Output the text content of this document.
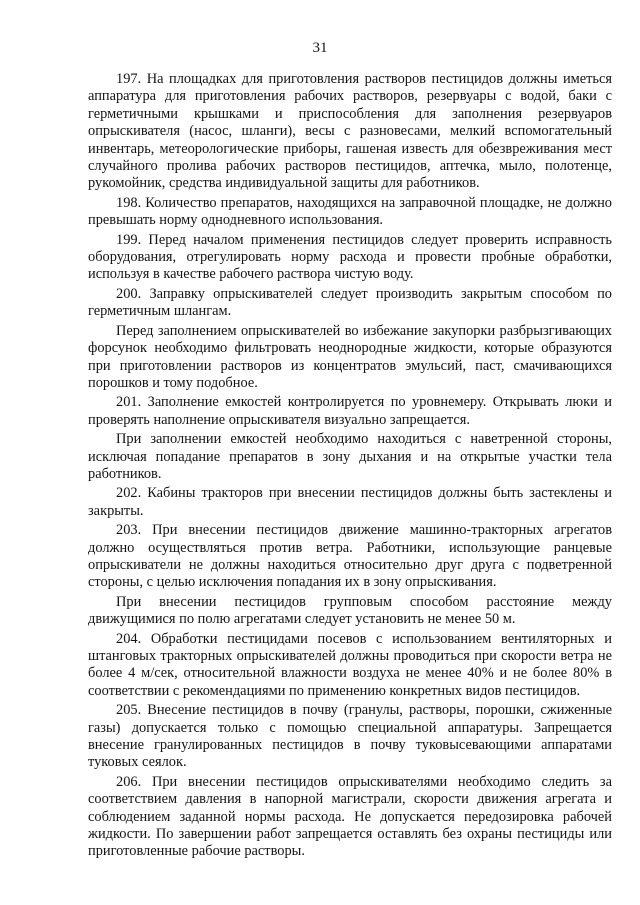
31

197. На площадках для приготовления растворов пестицидов должны иметься аппаратура для приготовления рабочих растворов, резервуары с водой, баки с герметичными крышками и приспособления для заполнения резервуаров опрыскивателя (насос, шланги), весы с разновесами, мелкий вспомогательный инвентарь, метеорологические приборы, гашеная известь для обезвреживания мест случайного пролива рабочих растворов пестицидов, аптечка, мыло, полотенце, рукомойник, средства индивидуальной защиты для работников.

198. Количество препаратов, находящихся на заправочной площадке, не должно превышать норму однодневного использования.

199. Перед началом применения пестицидов следует проверить исправность оборудования, отрегулировать норму расхода и провести пробные обработки, используя в качестве рабочего раствора чистую воду.

200. Заправку опрыскивателей следует производить закрытым способом по герметичным шлангам.

Перед заполнением опрыскивателей во избежание закупорки разбрызгивающих форсунок необходимо фильтровать неоднородные жидкости, которые образуются при приготовлении растворов из концентратов эмульсий, паст, смачивающихся порошков и тому подобное.

201. Заполнение емкостей контролируется по уровнемеру. Открывать люки и проверять наполнение опрыскивателя визуально запрещается.

При заполнении емкостей необходимо находиться с наветренной стороны, исключая попадание препаратов в зону дыхания и на открытые участки тела работников.

202. Кабины тракторов при внесении пестицидов должны быть застеклены и закрыты.

203. При внесении пестицидов движение машинно-тракторных агрегатов должно осуществляться против ветра. Работники, использующие ранцевые опрыскиватели не должны находиться относительно друг друга с подветренной стороны, с целью исключения попадания их в зону опрыскивания.

При внесении пестицидов групповым способом расстояние между движущимися по полю агрегатами следует установить не менее 50 м.

204. Обработки пестицидами посевов с использованием вентиляторных и штанговых тракторных опрыскивателей должны проводиться при скорости ветра не более 4 м/сек, относительной влажности воздуха не менее 40% и не более 80% в соответствии с рекомендациями по применению конкретных видов пестицидов.

205. Внесение пестицидов в почву (гранулы, растворы, порошки, сжиженные газы) допускается только с помощью специальной аппаратуры. Запрещается внесение гранулированных пестицидов в почву туковысевающими аппаратами туковых сеялок.

206. При внесении пестицидов опрыскивателями необходимо следить за соответствием давления в напорной магистрали, скорости движения агрегата и соблюдением заданной нормы расхода. Не допускается передозировка рабочей жидкости. По завершении работ запрещается оставлять без охраны пестициды или приготовленные рабочие растворы.
